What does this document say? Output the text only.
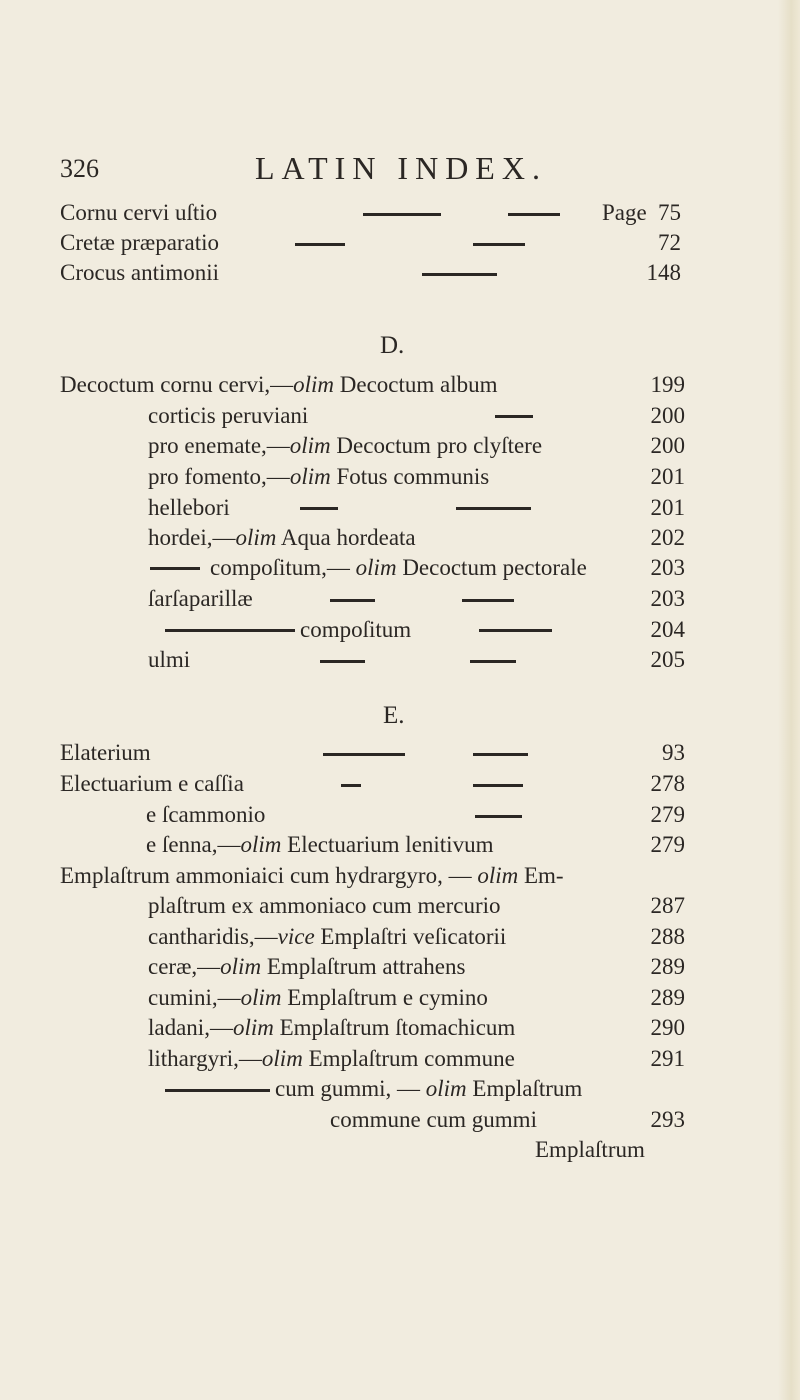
326	LATIN INDEX.
Cornu cervi uſtio	Page 75
Cretæ præparatio	72
Crocus antimonii	148
D.
Decoctum cornu cervi,—olim Decoctum album	199
corticis peruviani	200
pro enemate,—olim Decoctum pro clyſtere	200
pro fomento,—olim Fotus communis	201
hellebori	201
hordei,—olim Aqua hordeata	202
compoſitum,— olim Decoctum pectorale	203
ſarſaparillæ	203
compoſitum	204
ulmi	205
E.
Elaterium	93
Electuarium e caſſia	278
e ſcammonio	279
e ſenna,—olim Electuarium lenitivum	279
Emplaſtrum ammoniaici cum hydrargyro, — olim Em-
plaſtrum ex ammoniaco cum mercurio	287
cantharidis,—vice Emplaſtri veſicatorii	288
ceræ,—olim Emplaſtrum attrahens	289
cumini,—olim Emplaſtrum e cymino	289
ladani,—olim Emplaſtrum ſtomachicum	290
lithargyri,—olim Emplaſtrum commune	291
cum gummi, — olim Emplaſtrum
commune cum gummi	293
Emplaſtrum
